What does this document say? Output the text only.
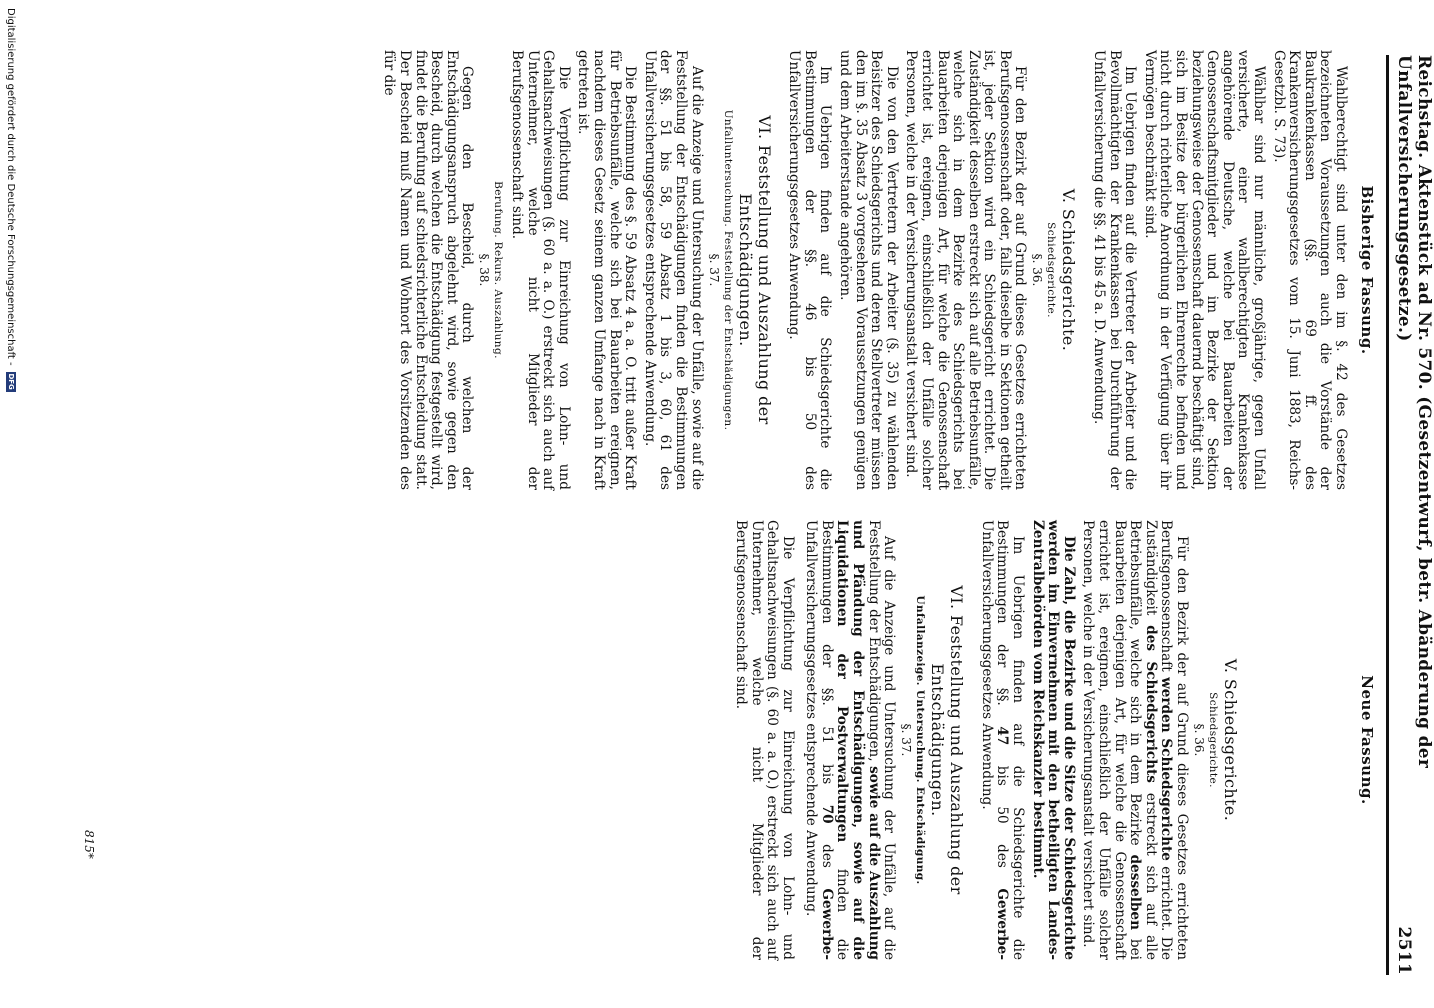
Reichstag. Aktenstück ad Nr. 570. (Gesetzentwurf, betr. Abänderung der Unfallversicherungsgesetze.)
2511
Bisherige Fassung.

Wahlberechtigt sind unter den im §. 42 des Gesetzes bezeichneten Voraussetzungen auch die Vorstände der Baukrankenkassen (§§. 69 ff. des Krankenversicherungsgesetzes vom 15. Juni 1883, Reichs-Gesetzbl. S. 73).

Wählbar sind nur männliche, großjährige, gegen Unfall versicherte, einer wahlberechtigten Krankenkasse angehörende Deutsche, welche bei Bauarbeiten der Genossenschaftsmitglieder und im Bezirke der Sektion beziehungsweise der Genossenschaft dauernd beschäftigt sind, sich im Besitze der bürgerlichen Ehrenrechte befinden und nicht durch richterliche Anordnung in der Verfügung über ihr Vermögen beschränkt sind.

Im Uebrigen finden auf die Vertreter der Arbeiter und die Bevollmächtigten der Krankenkassen bei Durchführung der Unfallversicherung die §§. 41 bis 45 a. D. Anwendung.

V. Schiedsgerichte.
Schiedsgerichte.
§. 36.

Für den Bezirk der auf Grund dieses Gesetzes errichteten Berufsgenossenschaft oder, falls dieselbe in Sektionen getheilt ist, jeder Sektion wird ein Schiedsgericht errichtet. Die Zuständigkeit desselben erstreckt sich auf alle Betriebsunfälle, welche sich in dem Bezirke des Schiedsgerichts bei Bauarbeiten derjenigen Art, für welche die Genossenschaft errichtet ist, ereignen, einschließlich der Unfälle solcher Personen, welche in der Versicherungsanstalt versichert sind.

Die von den Vertretern der Arbeiter (§. 35) zu wählenden Beisitzer des Schiedsgerichts und deren Stellvertreter müssen den im §. 35 Absatz 3 vorgesehenen Voraussetzungen genügen und dem Arbeiterstande angehören.

Im Uebrigen finden auf die Schiedsgerichte die Bestimmungen der §§. 46 bis 50 des Unfallversicherungsgesetzes Anwendung.

VI. Feststellung und Auszahlung der Entschädigungen.
Unfalluntersuchung. Feststellung der Entschädigungen.
§. 37.

Auf die Anzeige und Untersuchung der Unfälle, sowie auf die Feststellung der Entschädigungen finden die Bestimmungen der §§. 51 bis 58, 59 Absatz 1 bis 3, 60, 61 des Unfallversicherungsgesetzes entsprechende Anwendung.

Die Bestimmung des §. 59 Absatz 4 a. a. O. tritt außer Kraft für Betriebsunfälle, welche sich bei Bauarbeiten ereignen, nachdem dieses Gesetz seinem ganzen Umfange nach in Kraft getreten ist.

Die Verpflichtung zur Einreichung von Lohn- und Gehaltsnachweisungen (§. 60 a. a. O.) erstreckt sich auch auf Unternehmer, welche nicht Mitglieder der Berufsgenossenschaft sind.

Berufung. Rekurs. Auszahlung.
§. 38.

Gegen den Bescheid, durch welchen der Entschädigungsanspruch abgelehnt wird, sowie gegen den Bescheid, durch welchen die Entschädigung festgestellt wird, findet die Berufung auf schiedsrichterliche Entscheidung statt. Der Bescheid muß Namen und Wohnort des Vorsitzenden des für die

Neue Fassung.
V. Schiedsgerichte.
Schiedsgerichte.
§. 36.

Für den Bezirk der auf Grund dieses Gesetzes errichteten Berufsgenossenschaft werden Schiedsgerichte errichtet. Die Zuständigkeit des Schiedsgerichts erstreckt sich auf alle Betriebsunfälle, welche sich in dem Bezirke desselben bei Bauarbeiten derjenigen Art, für welche die Genossenschaft errichtet ist, ereignen, einschließlich der Unfälle solcher Personen, welche in der Versicherungsanstalt versichert sind.

Die Zahl, die Bezirke und die Sitze der Schiedsgerichte werden im Einvernehmen mit den betheiligten Landes-Zentralbehörden vom Reichskanzler bestimmt.

Im Uebrigen finden auf die Schiedsgerichte die Bestimmungen der §§. 47 bis 50 des Gewerbe-Unfallversicherungsgesetzes Anwendung.

VI. Feststellung und Auszahlung der Entschädigungen.
Unfallanzeige. Untersuchung. Entschädigung.
§. 37.

Auf die Anzeige und Untersuchung der Unfälle, auf die Feststellung der Entschädigungen, sowie auf die Auszahlung und Pfändung der Entschädigungen, sowie auf die Liquidationen der Postverwaltungen finden die Bestimmungen der §§. 51 bis 70 des Gewerbe-Unfallversicherungsgesetzes entsprechende Anwendung.

Die Verpflichtung zur Einreichung von Lohn- und Gehaltsnachweisungen (§. 60 a. a. O.) erstreckt sich auch auf Unternehmer, welche nicht Mitglieder der Berufsgenossenschaft sind.

815*
Digitalisierung gefördert durch die Deutsche Forschungsgemeinschaft -
DFG
